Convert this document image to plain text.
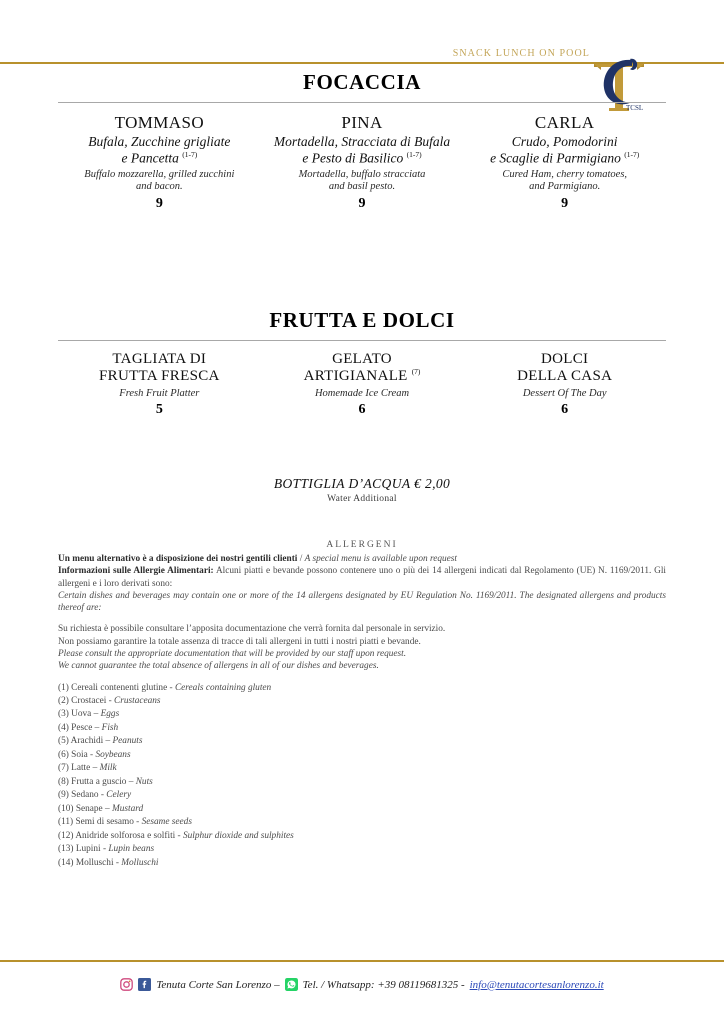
SNACK LUNCH ON POOL
TCSL
FOCACCIA
TOMMASO
Bufala, Zucchine grigliate
e Pancetta $^{(1-7)}$
Buffalo mozzarella, grilled zucchini
and bacon.
9
PINA
Mortadella, Stracciata di Bufala
e Pesto di Basilico $^{(1-7)}$
Mortadella, buffalo stracciata
and basil pesto.
9
CARLA
Crudo, Pomodorini
e Scaglie di Parmigiano $^{(1-7)}$
Cured Ham, cherry tomatoes,
and Parmigiano.
9
FRUTTA E DOLCI
TAGLIATA DI
FRUTTA FRESCA
Fresh Fruit Platter
5
GELATO
ARTIGIANALE $^{(7)}$
Homemade Ice Cream
6
DOLCI
DELLA CASA
Dessert Of The Day
6
BOTTIGLIA D’ACQUA € 2,00
Water Additional
ALLERGENI
Un menu alternativo è a disposizione dei nostri gentili clienti / A special menu is available upon request
Informazioni sulle Allergie Alimentari: Alcuni piatti e bevande possono contenere uno o più dei 14 allergeni indicati dal Regolamento (UE) N. 1169/2011. Gli allergeni e i loro derivati sono:
Certain dishes and beverages may contain one or more of the 14 allergens designated by EU Regulation No. 1169/2011. The designated allergens and products thereof are:
Su richiesta è possibile consultare l’apposita documentazione che verrà fornita dal personale in servizio.
Non possiamo garantire la totale assenza di tracce di tali allergeni in tutti i nostri piatti e bevande.
Please consult the appropriate documentation that will be provided by our staff upon request.
We cannot guarantee the total absence of allergens in all of our dishes and beverages.
(1) Cereali contenenti glutine - Cereals containing gluten
(2) Crostacei - Crustaceans
(3) Uova – Eggs
(4) Pesce – Fish
(5) Arachidi – Peanuts
(6) Soia - Soybeans
(7) Latte – Milk
(8) Frutta a guscio – Nuts
(9) Sedano - Celery
(10) Senape – Mustard
(11) Semi di sesamo - Sesame seeds
(12) Anidride solforosa e solfiti - Sulphur dioxide and sulphites
(13) Lupini - Lupin beans
(14) Molluschi - Molluschi
Tenuta Corte San Lorenzo – Tel. / Whatsapp: +39 08119681325 - info@tenutacortesanlorenzo.it
